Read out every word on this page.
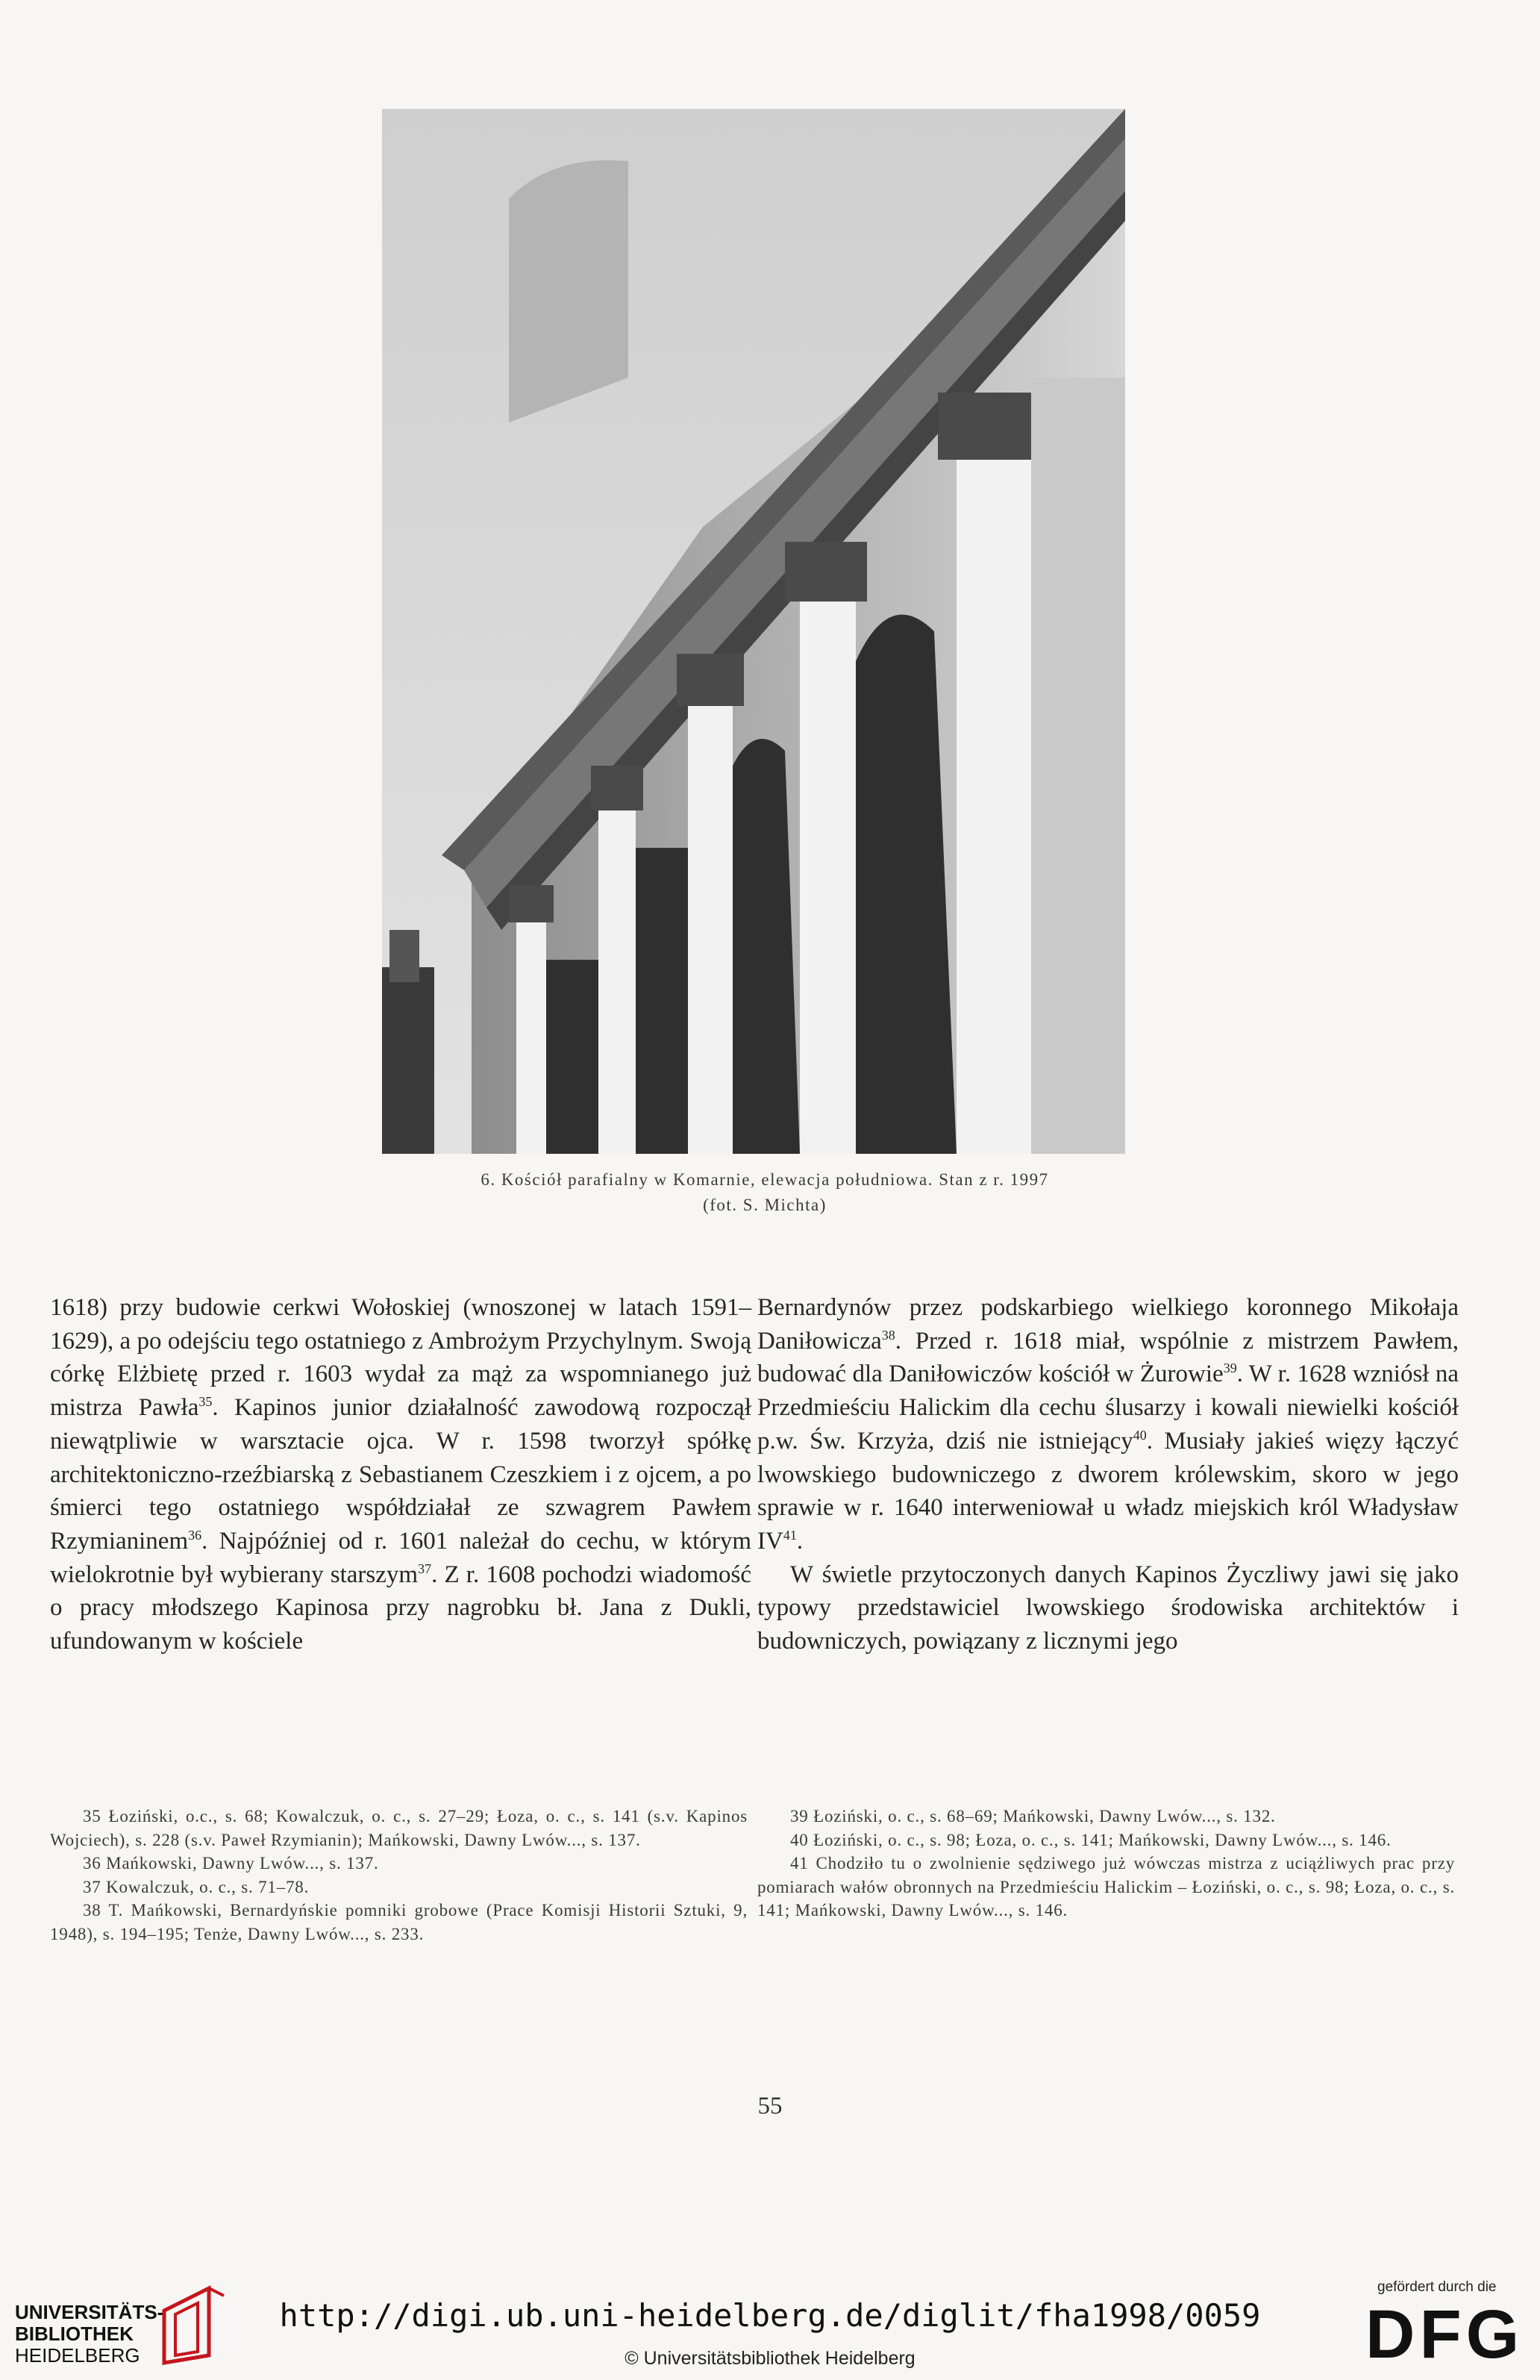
6. Kościół parafialny w Komarnie, elewacja południowa. Stan z r. 1997
(fot. S. Michta)

1618) przy budowie cerkwi Wołoskiej (wnoszonej w latach 1591–1629), a po odejściu tego ostatniego z Ambrożym Przychylnym. Swoją córkę Elżbietę przed r. 1603 wydał za mąż za wspomnianego już mistrza Pawła$^{35}$. Kapinos junior działalność zawodową rozpoczął niewątpliwie w warsztacie ojca. W r. 1598 tworzył spółkę architektoniczno-rzeźbiarską z Sebastianem Czeszkiem i z ojcem, a po śmierci tego ostatniego współdziałał ze szwagrem Pawłem Rzymianinem$^{36}$. Najpóźniej od r. 1601 należał do cechu, w którym wielokrotnie był wybierany starszym$^{37}$. Z r. 1608 pochodzi wiadomość o pracy młodszego Kapinosa przy nagrobku bł. Jana z Dukli, ufundowanym w kościele

Bernardynów przez podskarbiego wielkiego koronnego Mikołaja Daniłowicza$^{38}$. Przed r. 1618 miał, wspólnie z mistrzem Pawłem, budować dla Daniłowiczów kościół w Żurowie$^{39}$. W r. 1628 wzniósł na Przedmieściu Halickim dla cechu ślusarzy i kowali niewielki kościół p.w. Św. Krzyża, dziś nie istniejący$^{40}$. Musiały jakieś więzy łączyć lwowskiego budowniczego z dworem królewskim, skoro w jego sprawie w r. 1640 interweniował u władz miejskich król Władysław IV$^{41}$.

W świetle przytoczonych danych Kapinos Życzliwy jawi się jako typowy przedstawiciel lwowskiego środowiska architektów i budowniczych, powiązany z licznymi jego

35 Łoziński, o.c., s. 68; Kowalczuk, o. c., s. 27–29; Łoza, o. c., s. 141 (s.v. Kapinos Wojciech), s. 228 (s.v. Paweł Rzymianin); Mańkowski, Dawny Lwów..., s. 137.

36 Mańkowski, Dawny Lwów..., s. 137.

37 Kowalczuk, o. c., s. 71–78.

38 T. Mańkowski, Bernardyńskie pomniki grobowe (Prace Komisji Historii Sztuki, 9, 1948), s. 194–195; Tenże, Dawny Lwów..., s. 233.

39 Łoziński, o. c., s. 68–69; Mańkowski, Dawny Lwów..., s. 132.

40 Łoziński, o. c., s. 98; Łoza, o. c., s. 141; Mańkowski, Dawny Lwów..., s. 146.

41 Chodziło tu o zwolnienie sędziwego już wówczas mistrza z uciążliwych prac przy pomiarach wałów obronnych na Przedmieściu Halickim – Łoziński, o. c., s. 98; Łoza, o. c., s. 141; Mańkowski, Dawny Lwów..., s. 146.

55
UNIVERSITÄTS-
BIBLIOTHEK
HEIDELBERG
http://digi.ub.uni-heidelberg.de/diglit/fha1998/0059
© Universitätsbibliothek Heidelberg
gefördert durch die
DFG
